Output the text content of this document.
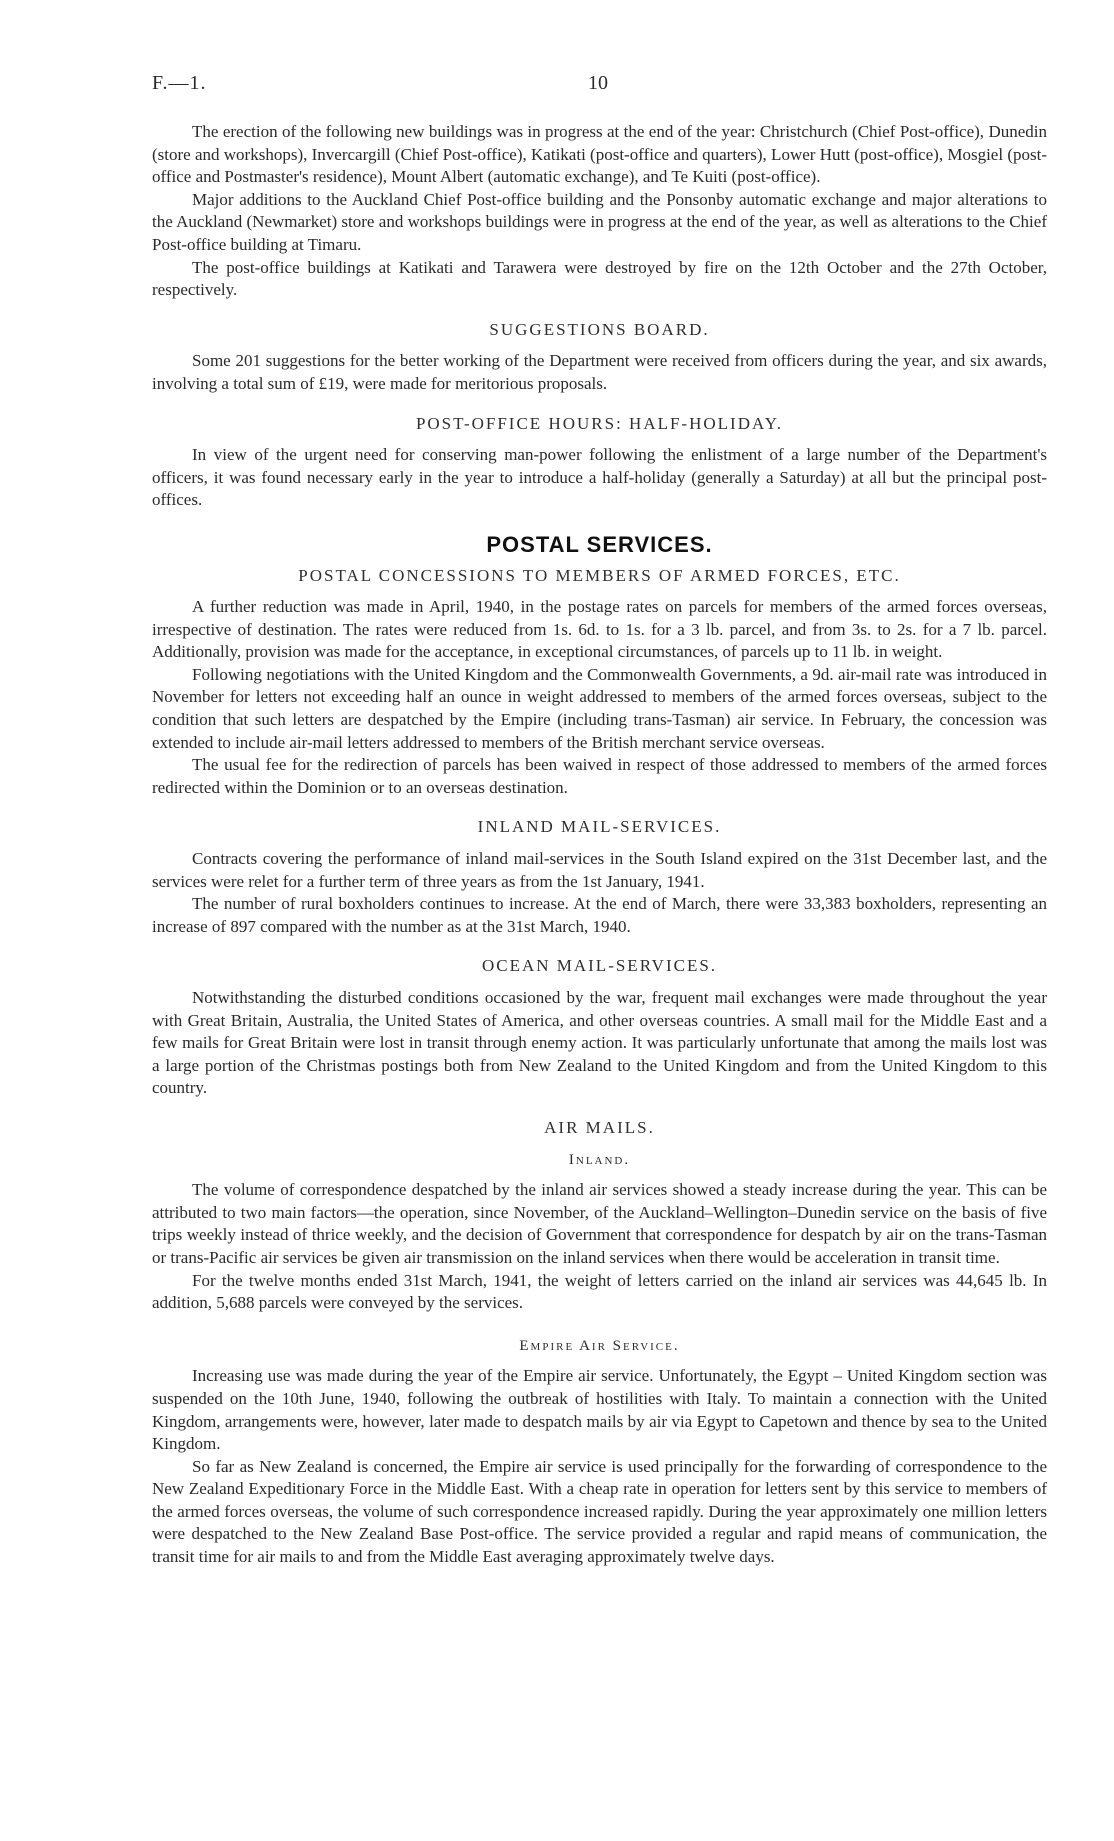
F.—1.	10

The erection of the following new buildings was in progress at the end of the year: Christchurch (Chief Post-office), Dunedin (store and workshops), Invercargill (Chief Post-office), Katikati (post-office and quarters), Lower Hutt (post-office), Mosgiel (post-office and Postmaster's residence), Mount Albert (automatic exchange), and Te Kuiti (post-office).

Major additions to the Auckland Chief Post-office building and the Ponsonby automatic exchange and major alterations to the Auckland (Newmarket) store and workshops buildings were in progress at the end of the year, as well as alterations to the Chief Post-office building at Timaru.

The post-office buildings at Katikati and Tarawera were destroyed by fire on the 12th October and the 27th October, respectively.

SUGGESTIONS BOARD.

Some 201 suggestions for the better working of the Department were received from officers during the year, and six awards, involving a total sum of £19, were made for meritorious proposals.

POST-OFFICE HOURS: HALF-HOLIDAY.

In view of the urgent need for conserving man-power following the enlistment of a large number of the Department's officers, it was found necessary early in the year to introduce a half-holiday (generally a Saturday) at all but the principal post-offices.

POSTAL SERVICES.
POSTAL CONCESSIONS TO MEMBERS OF ARMED FORCES, ETC.

A further reduction was made in April, 1940, in the postage rates on parcels for members of the armed forces overseas, irrespective of destination. The rates were reduced from 1s. 6d. to 1s. for a 3 lb. parcel, and from 3s. to 2s. for a 7 lb. parcel. Additionally, provision was made for the acceptance, in exceptional circumstances, of parcels up to 11 lb. in weight.

Following negotiations with the United Kingdom and the Commonwealth Governments, a 9d. air-mail rate was introduced in November for letters not exceeding half an ounce in weight addressed to members of the armed forces overseas, subject to the condition that such letters are despatched by the Empire (including trans-Tasman) air service. In February, the concession was extended to include air-mail letters addressed to members of the British merchant service overseas.

The usual fee for the redirection of parcels has been waived in respect of those addressed to members of the armed forces redirected within the Dominion or to an overseas destination.

INLAND MAIL-SERVICES.

Contracts covering the performance of inland mail-services in the South Island expired on the 31st December last, and the services were relet for a further term of three years as from the 1st January, 1941.

The number of rural boxholders continues to increase. At the end of March, there were 33,383 boxholders, representing an increase of 897 compared with the number as at the 31st March, 1940.

OCEAN MAIL-SERVICES.

Notwithstanding the disturbed conditions occasioned by the war, frequent mail exchanges were made throughout the year with Great Britain, Australia, the United States of America, and other overseas countries. A small mail for the Middle East and a few mails for Great Britain were lost in transit through enemy action. It was particularly unfortunate that among the mails lost was a large portion of the Christmas postings both from New Zealand to the United Kingdom and from the United Kingdom to this country.

AIR MAILS.
Inland.

The volume of correspondence despatched by the inland air services showed a steady increase during the year. This can be attributed to two main factors—the operation, since November, of the Auckland–Wellington–Dunedin service on the basis of five trips weekly instead of thrice weekly, and the decision of Government that correspondence for despatch by air on the trans-Tasman or trans-Pacific air services be given air transmission on the inland services when there would be acceleration in transit time.

For the twelve months ended 31st March, 1941, the weight of letters carried on the inland air services was 44,645 lb. In addition, 5,688 parcels were conveyed by the services.

Empire Air Service.

Increasing use was made during the year of the Empire air service. Unfortunately, the Egypt – United Kingdom section was suspended on the 10th June, 1940, following the outbreak of hostilities with Italy. To maintain a connection with the United Kingdom, arrangements were, however, later made to despatch mails by air via Egypt to Capetown and thence by sea to the United Kingdom.

So far as New Zealand is concerned, the Empire air service is used principally for the forwarding of correspondence to the New Zealand Expeditionary Force in the Middle East. With a cheap rate in operation for letters sent by this service to members of the armed forces overseas, the volume of such correspondence increased rapidly. During the year approximately one million letters were despatched to the New Zealand Base Post-office. The service provided a regular and rapid means of communication, the transit time for air mails to and from the Middle East averaging approximately twelve days.
